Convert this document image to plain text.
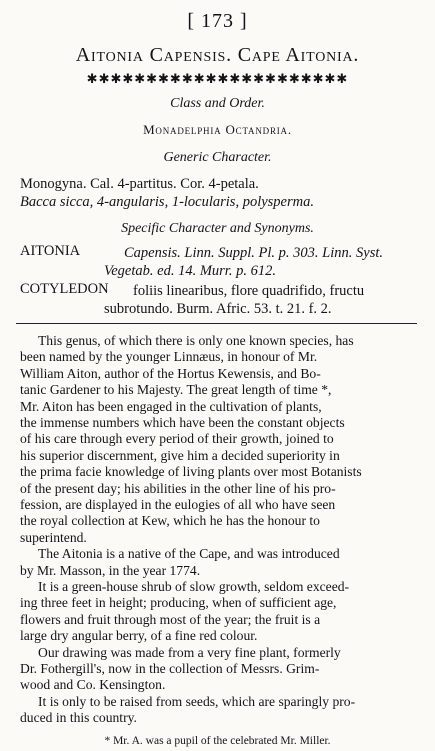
[ 173 ]
Aitonia Capensis. Cape Aitonia.
✱✱✱✱✱✱✱✱✱✱✱✱✱✱✱✱✱✱✱✱✱✱
Class and Order.
Monadelphia Octandria.
Generic Character.
Monogyna. Cal. 4-partitus. Cor. 4-petala.
Bacca sicca, 4-angularis, 1-locularis, polysperma.
Specific Character and Synonyms.
AITONIA	Capensis. Linn. Suppl. Pl. p. 303. Linn. Syst.
Vegetab. ed. 14. Murr. p. 612.
COTYLEDON foliis linearibus, flore quadrifido, fructu
subrotundo. Burm. Afric. 53. t. 21. f. 2.
This genus, of which there is only one known species, has
been named by the younger Linnæus, in honour of Mr.
William Aiton, author of the Hortus Kewensis, and Bo-
tanic Gardener to his Majesty. The great length of time *,
Mr. Aiton has been engaged in the cultivation of plants,
the immense numbers which have been the constant objects
of his care through every period of their growth, joined to
his superior discernment, give him a decided superiority in
the prima facie knowledge of living plants over most Botanists
of the present day; his abilities in the other line of his pro-
fession, are displayed in the eulogies of all who have seen
the royal collection at Kew, which he has the honour to
superintend.
The Aitonia is a native of the Cape, and was introduced
by Mr. Masson, in the year 1774.
It is a green-house shrub of slow growth, seldom exceed-
ing three feet in height; producing, when of sufficient age,
flowers and fruit through most of the year; the fruit is a
large dry angular berry, of a fine red colour.
Our drawing was made from a very fine plant, formerly
Dr. Fothergill's, now in the collection of Messrs. Grim-
wood and Co. Kensington.
It is only to be raised from seeds, which are sparingly pro-
duced in this country.
* Mr. A. was a pupil of the celebrated Mr. Miller.
